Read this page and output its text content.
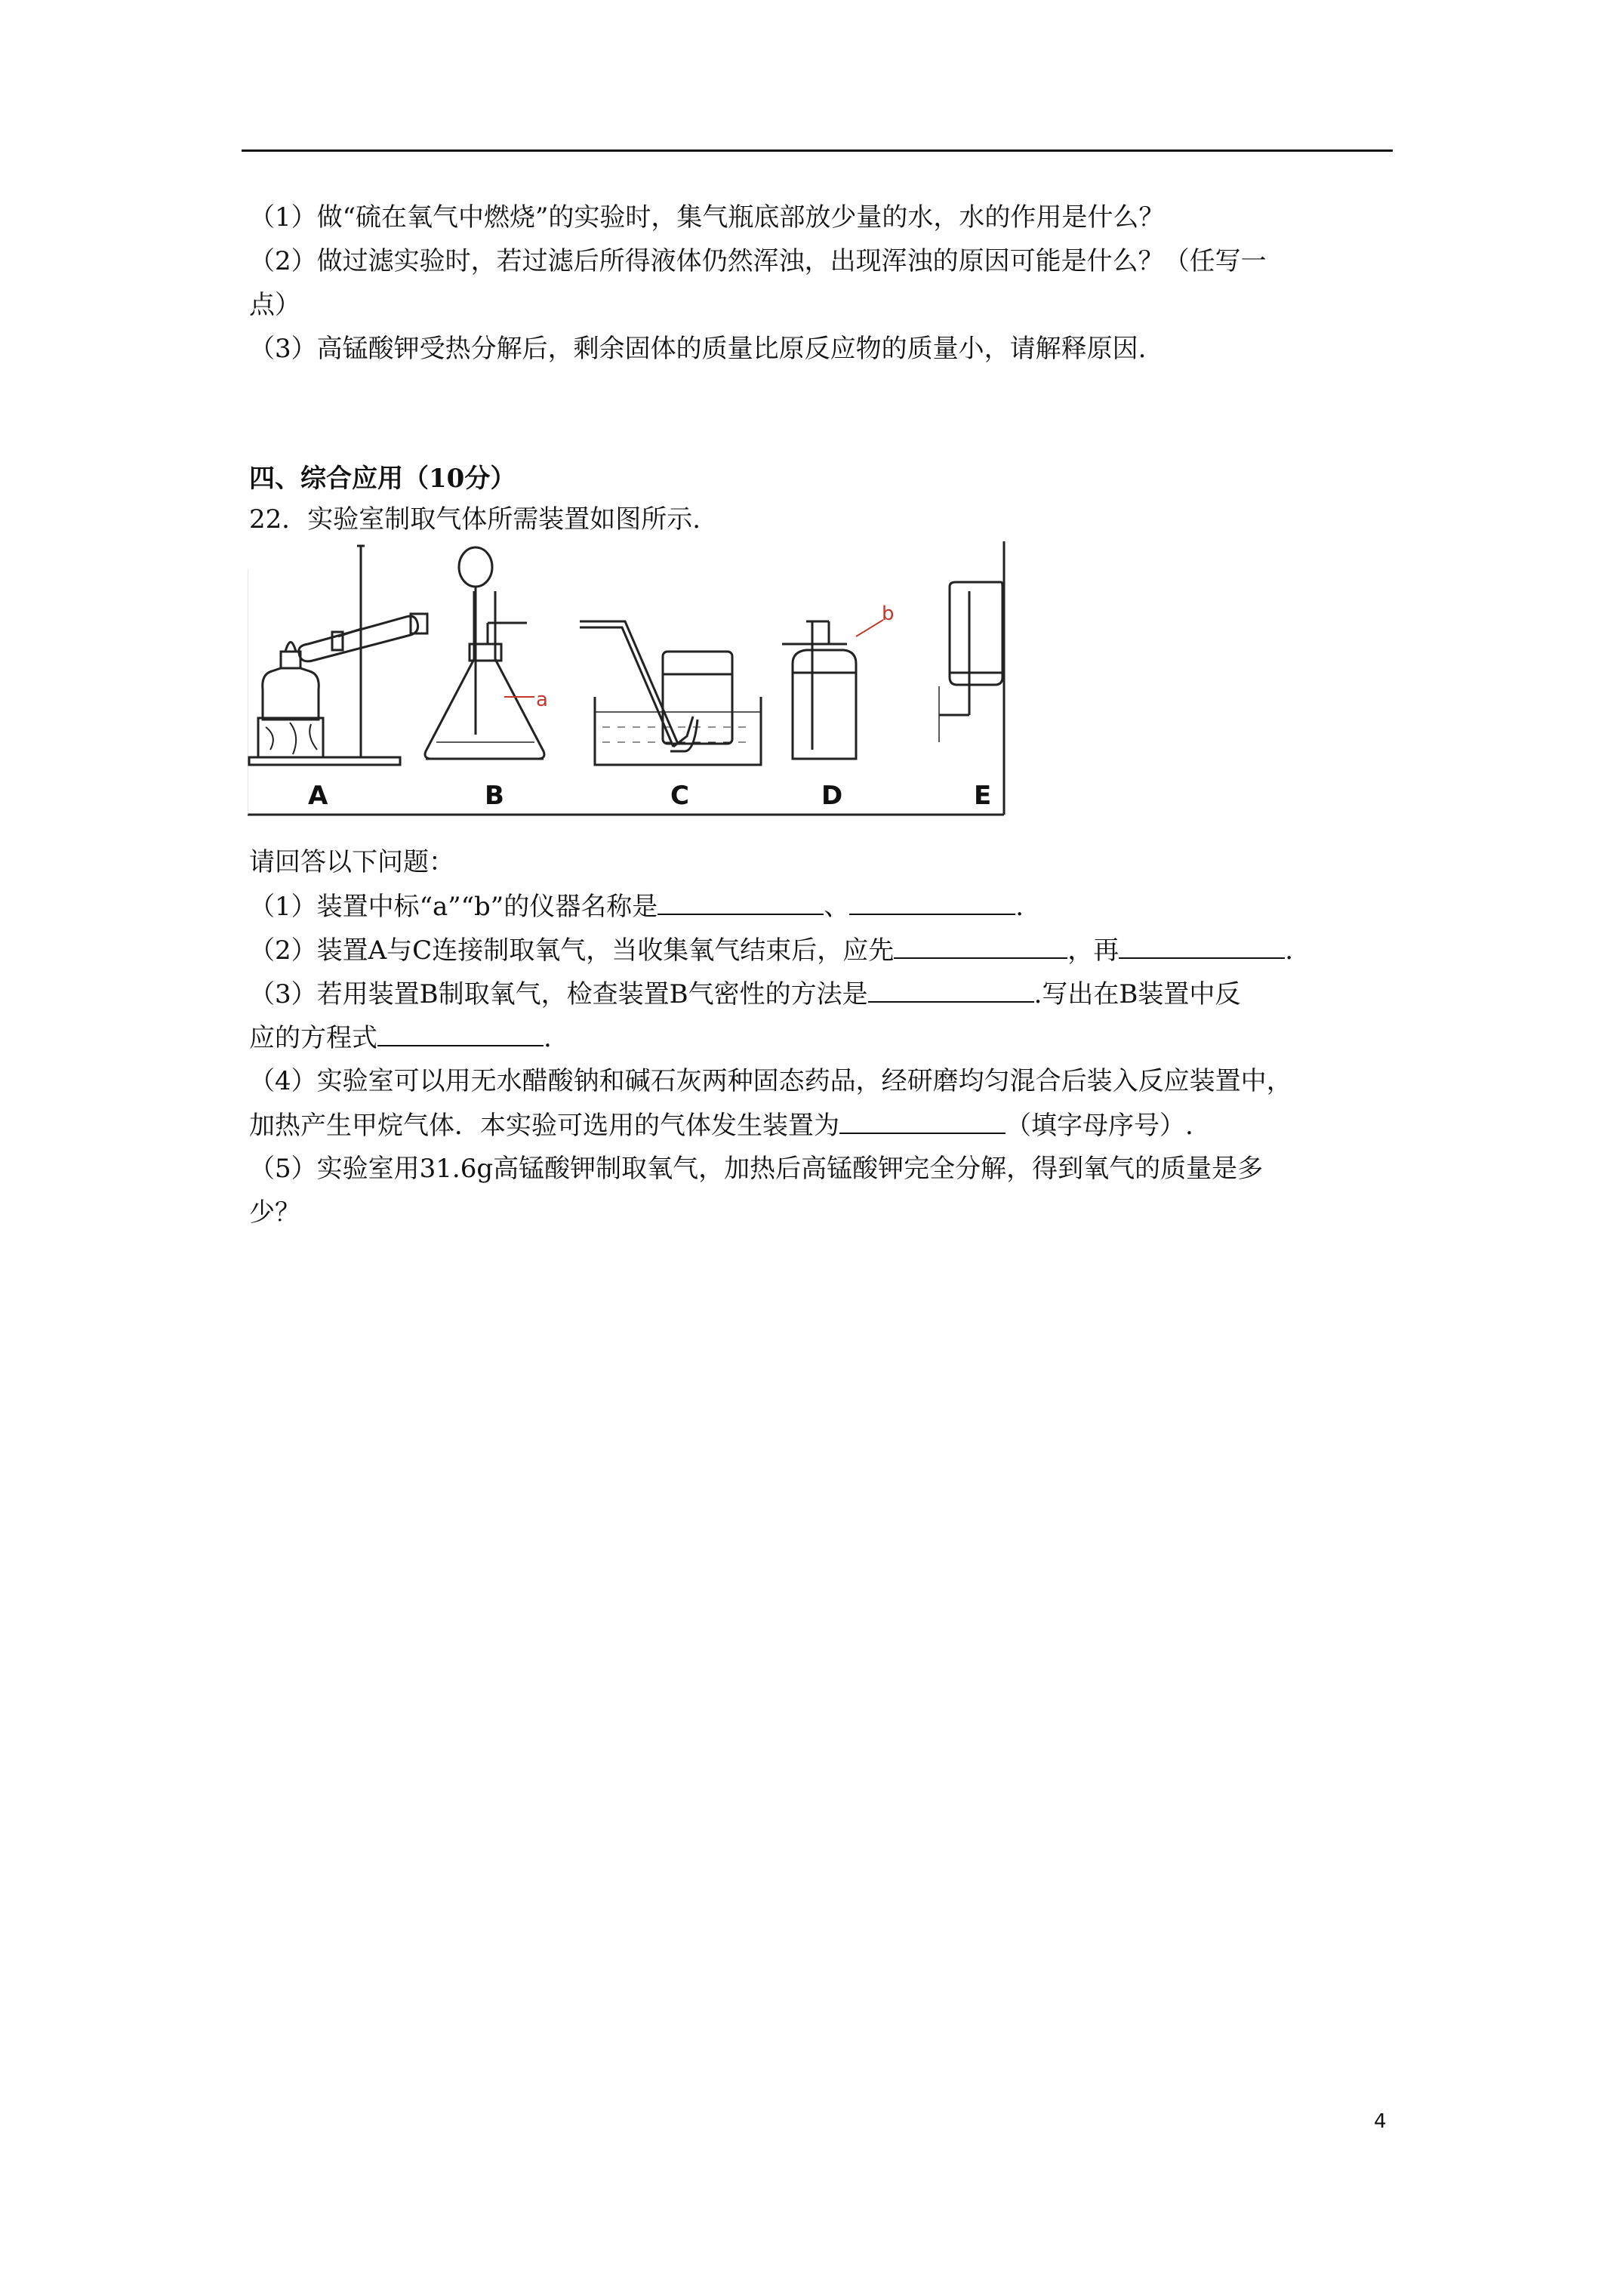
（1）做“硫在氧气中燃烧”的实验时，集气瓶底部放少量的水，水的作用是什么？
（2）做过滤实验时，若过滤后所得液体仍然浑浊，出现浑浊的原因可能是什么？（任写一
点）
（3）高锰酸钾受热分解后，剩余固体的质量比原反应物的质量小，请解释原因.
四、综合应用（10分）
22．实验室制取气体所需装置如图所示.
a
b
A	B	C	D	E
请回答以下问题：
（1）装置中标“a”“b”的仪器名称是	、	.
（2）装置A与C连接制取氧气，当收集氧气结束后，应先	，再	.
（3）若用装置B制取氧气，检查装置B气密性的方法是	.写出在B装置中反
应的方程式	.
（4）实验室可以用无水醋酸钠和碱石灰两种固态药品，经研磨均匀混合后装入反应装置中，
加热产生甲烷气体．本实验可选用的气体发生装置为	（填字母序号）.
（5）实验室用31.6g高锰酸钾制取氧气，加热后高锰酸钾完全分解，得到氧气的质量是多
少？
4
